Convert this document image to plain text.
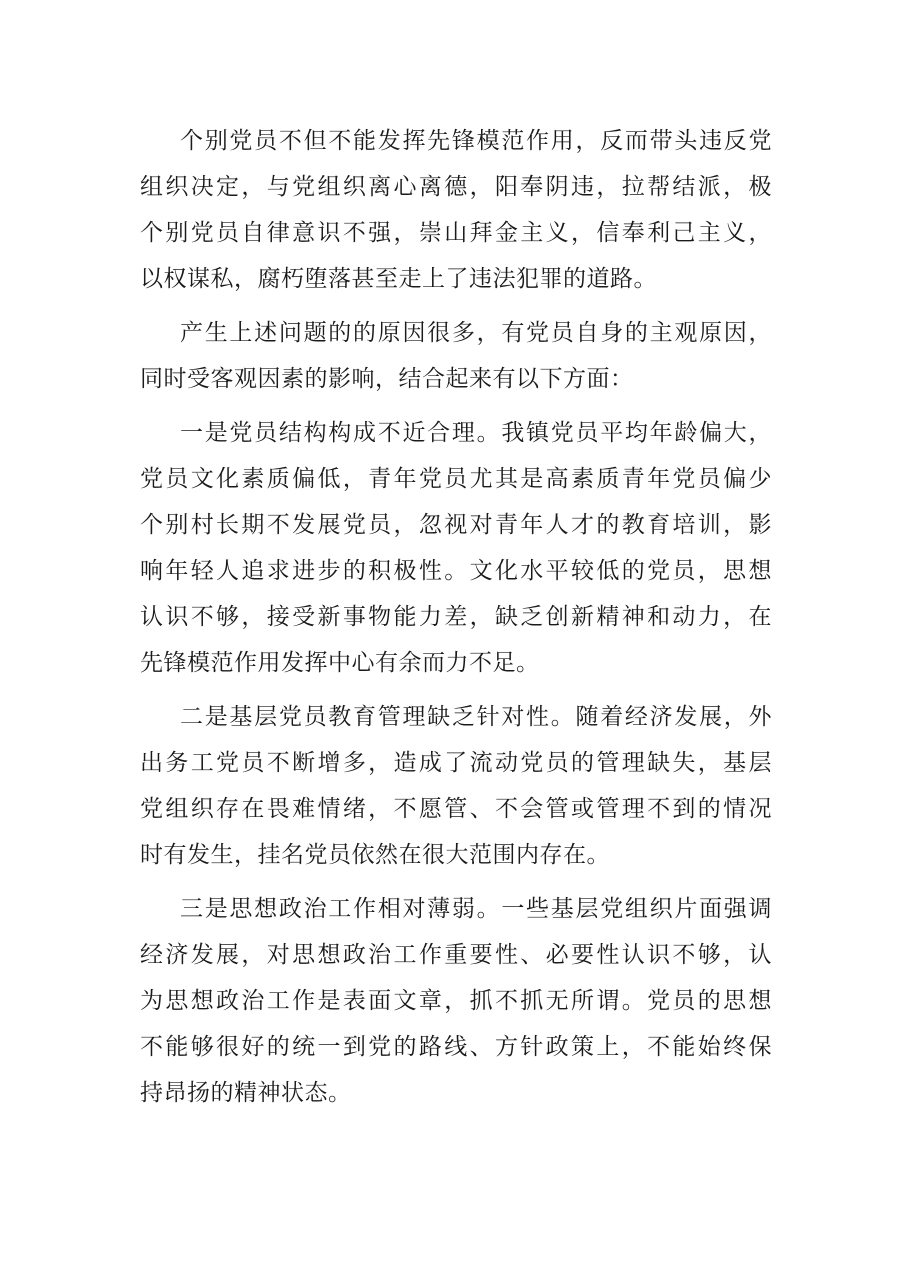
个别党员不但不能发挥先锋模范作用，反而带头违反党
组织决定，与党组织离心离德，阳奉阴违，拉帮结派，极
个别党员自律意识不强，崇山拜金主义，信奉利己主义，
以权谋私，腐朽堕落甚至走上了违法犯罪的道路。

产生上述问题的的原因很多，有党员自身的主观原因，
同时受客观因素的影响，结合起来有以下方面：

一是党员结构构成不近合理。我镇党员平均年龄偏大，
党员文化素质偏低，青年党员尤其是高素质青年党员偏少
个别村长期不发展党员，忽视对青年人才的教育培训，影
响年轻人追求进步的积极性。文化水平较低的党员，思想
认识不够，接受新事物能力差，缺乏创新精神和动力，在
先锋模范作用发挥中心有余而力不足。

二是基层党员教育管理缺乏针对性。随着经济发展，外
出务工党员不断增多，造成了流动党员的管理缺失，基层
党组织存在畏难情绪，不愿管、不会管或管理不到的情况
时有发生，挂名党员依然在很大范围内存在。

三是思想政治工作相对薄弱。一些基层党组织片面强调
经济发展，对思想政治工作重要性、必要性认识不够，认
为思想政治工作是表面文章，抓不抓无所谓。党员的思想
不能够很好的统一到党的路线、方针政策上，不能始终保
持昂扬的精神状态。
